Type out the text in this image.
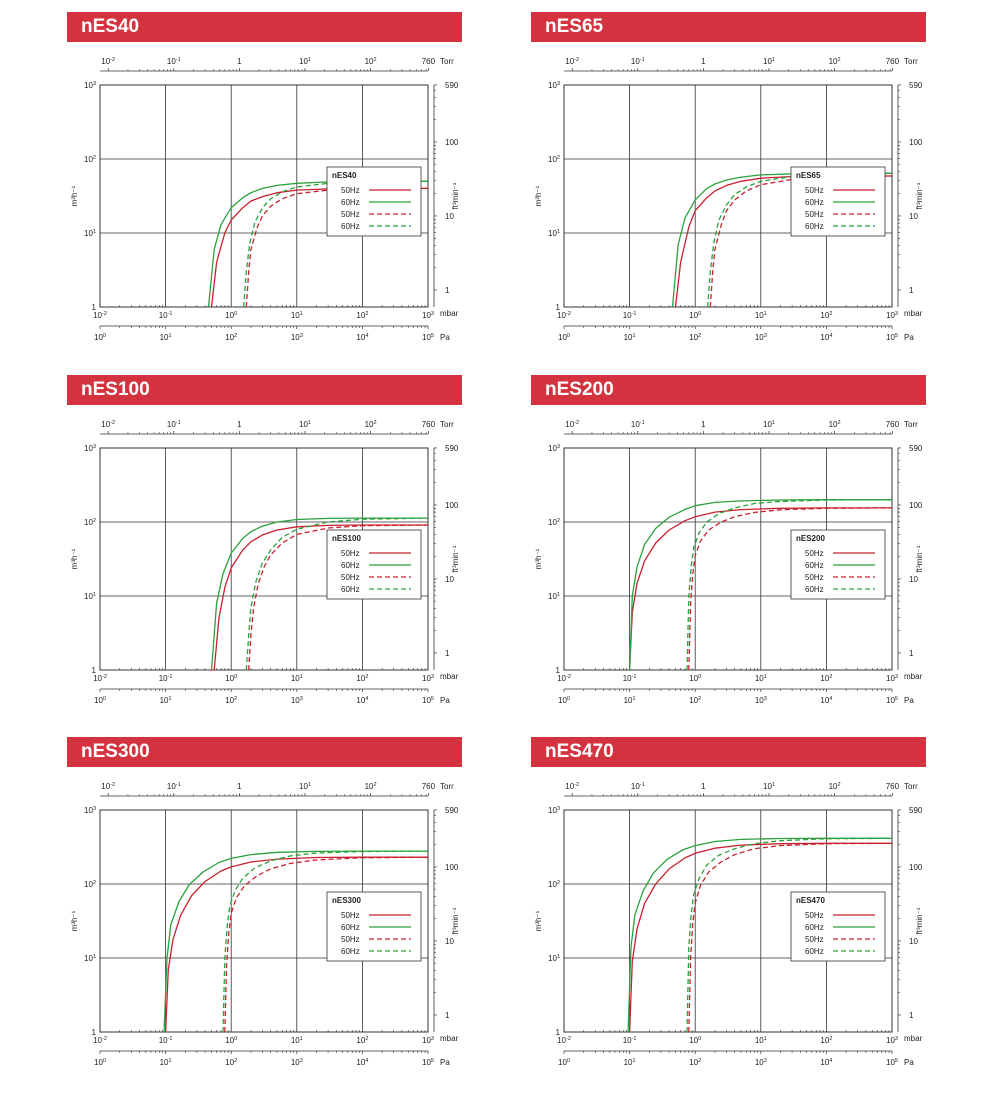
nES40
$10^{-2}$	$10^{-1}$	1	$10^1$	$10^2$	760 Torr
$10^{-2}$	$10^{-1}$	$10^0$	$10^1$	$10^2$	$10^3$ mbar
$10^0$	$10^1$	$10^2$	$10^3$	$10^4$	$10^5$ Pa
1
$10^1$
$10^2$
$10^3$
m³h⁻¹
1
10
100
590
ft³min⁻¹
nES40
50Hz
60Hz
50Hz
60Hz
nES65
$10^{-2}$	$10^{-1}$	1	$10^1$	$10^2$	760 Torr
$10^{-2}$	$10^{-1}$	$10^0$	$10^1$	$10^2$	$10^3$ mbar
$10^0$	$10^1$	$10^2$	$10^3$	$10^4$	$10^5$ Pa
1
$10^1$
$10^2$
$10^3$
m³h⁻¹
1
10
100
590
ft³min⁻¹
nES65
50Hz
60Hz
50Hz
60Hz
nES100
$10^{-2}$	$10^{-1}$	1	$10^1$	$10^2$	760 Torr
$10^{-2}$	$10^{-1}$	$10^0$	$10^1$	$10^2$	$10^3$ mbar
$10^0$	$10^1$	$10^2$	$10^3$	$10^4$	$10^5$ Pa
1
$10^1$
$10^2$
$10^3$
m³h⁻¹
1
10
100
590
ft³min⁻¹
nES100
50Hz
60Hz
50Hz
60Hz
nES200
$10^{-2}$	$10^{-1}$	1	$10^1$	$10^2$	760 Torr
$10^{-2}$	$10^{-1}$	$10^0$	$10^1$	$10^2$	$10^3$ mbar
$10^0$	$10^1$	$10^2$	$10^3$	$10^4$	$10^5$ Pa
1
$10^1$
$10^2$
$10^3$
m³h⁻¹
1
10
100
590
ft³min⁻¹
nES200
50Hz
60Hz
50Hz
60Hz
nES300
$10^{-2}$	$10^{-1}$	1	$10^1$	$10^2$	760 Torr
$10^{-2}$	$10^{-1}$	$10^0$	$10^1$	$10^2$	$10^3$ mbar
$10^0$	$10^1$	$10^2$	$10^3$	$10^4$	$10^5$ Pa
1
$10^1$
$10^2$
$10^3$
m³h⁻¹
1
10
100
590
ft³min⁻¹
nES300
50Hz
60Hz
50Hz
60Hz
nES470
$10^{-2}$	$10^{-1}$	1	$10^1$	$10^2$	760 Torr
$10^{-2}$	$10^{-1}$	$10^0$	$10^1$	$10^2$	$10^3$ mbar
$10^0$	$10^1$	$10^2$	$10^3$	$10^4$	$10^5$ Pa
1
$10^1$
$10^2$
$10^3$
m³h⁻¹
1
10
100
590
ft³min⁻¹
nES470
50Hz
60Hz
50Hz
60Hz
